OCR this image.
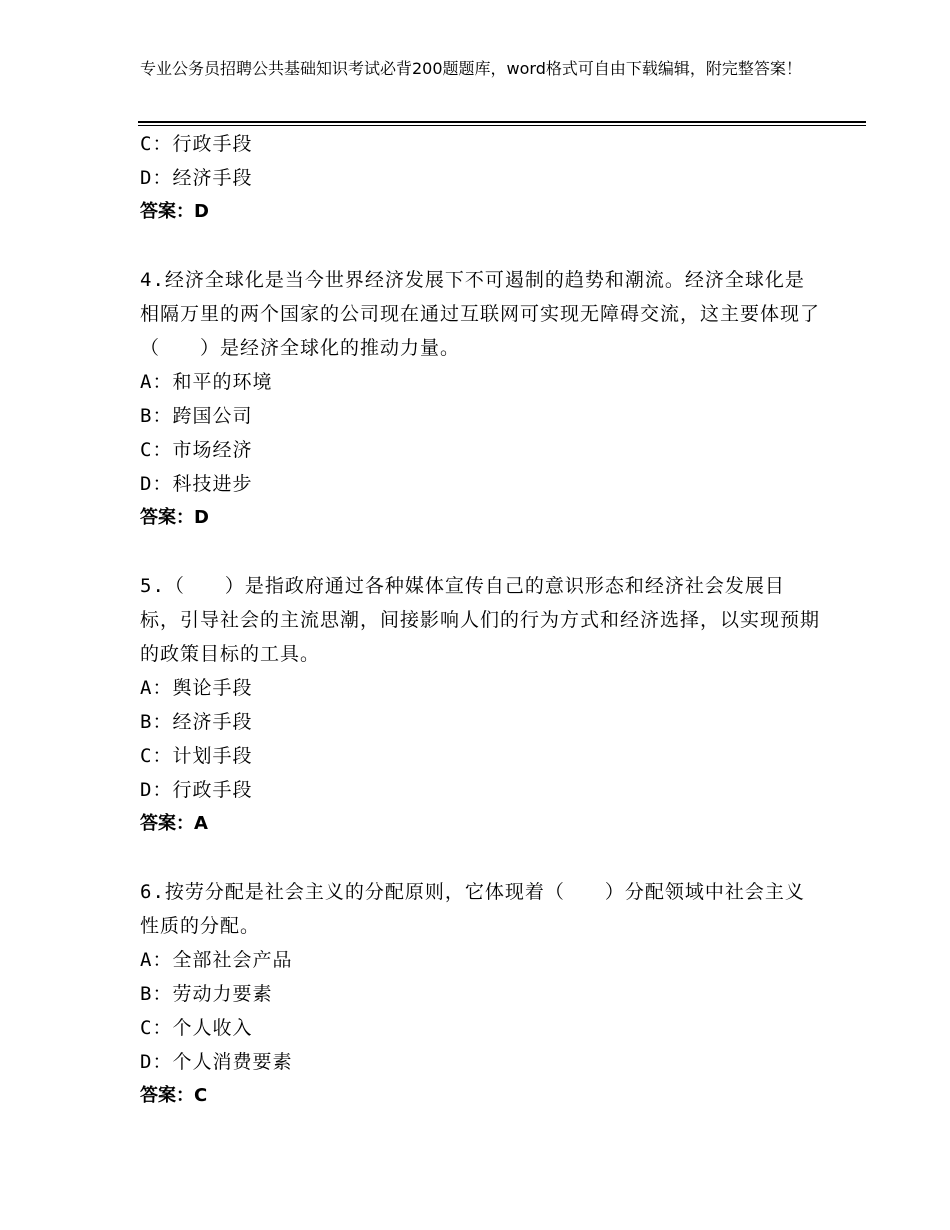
专业公务员招聘公共基础知识考试必背200题题库，word格式可自由下载编辑，附完整答案！
C：行政手段
D：经济手段
答案：D
4.经济全球化是当今世界经济发展下不可遏制的趋势和潮流。经济全球化是相隔万里的两个国家的公司现在通过互联网可实现无障碍交流，这主要体现了（　　）是经济全球化的推动力量。
A：和平的环境
B：跨国公司
C：市场经济
D：科技进步
答案：D
5.（　　）是指政府通过各种媒体宣传自己的意识形态和经济社会发展目标，引导社会的主流思潮，间接影响人们的行为方式和经济选择，以实现预期的政策目标的工具。
A：舆论手段
B：经济手段
C：计划手段
D：行政手段
答案：A
6.按劳分配是社会主义的分配原则，它体现着（　　）分配领域中社会主义性质的分配。
A：全部社会产品
B：劳动力要素
C：个人收入
D：个人消费要素
答案：C
